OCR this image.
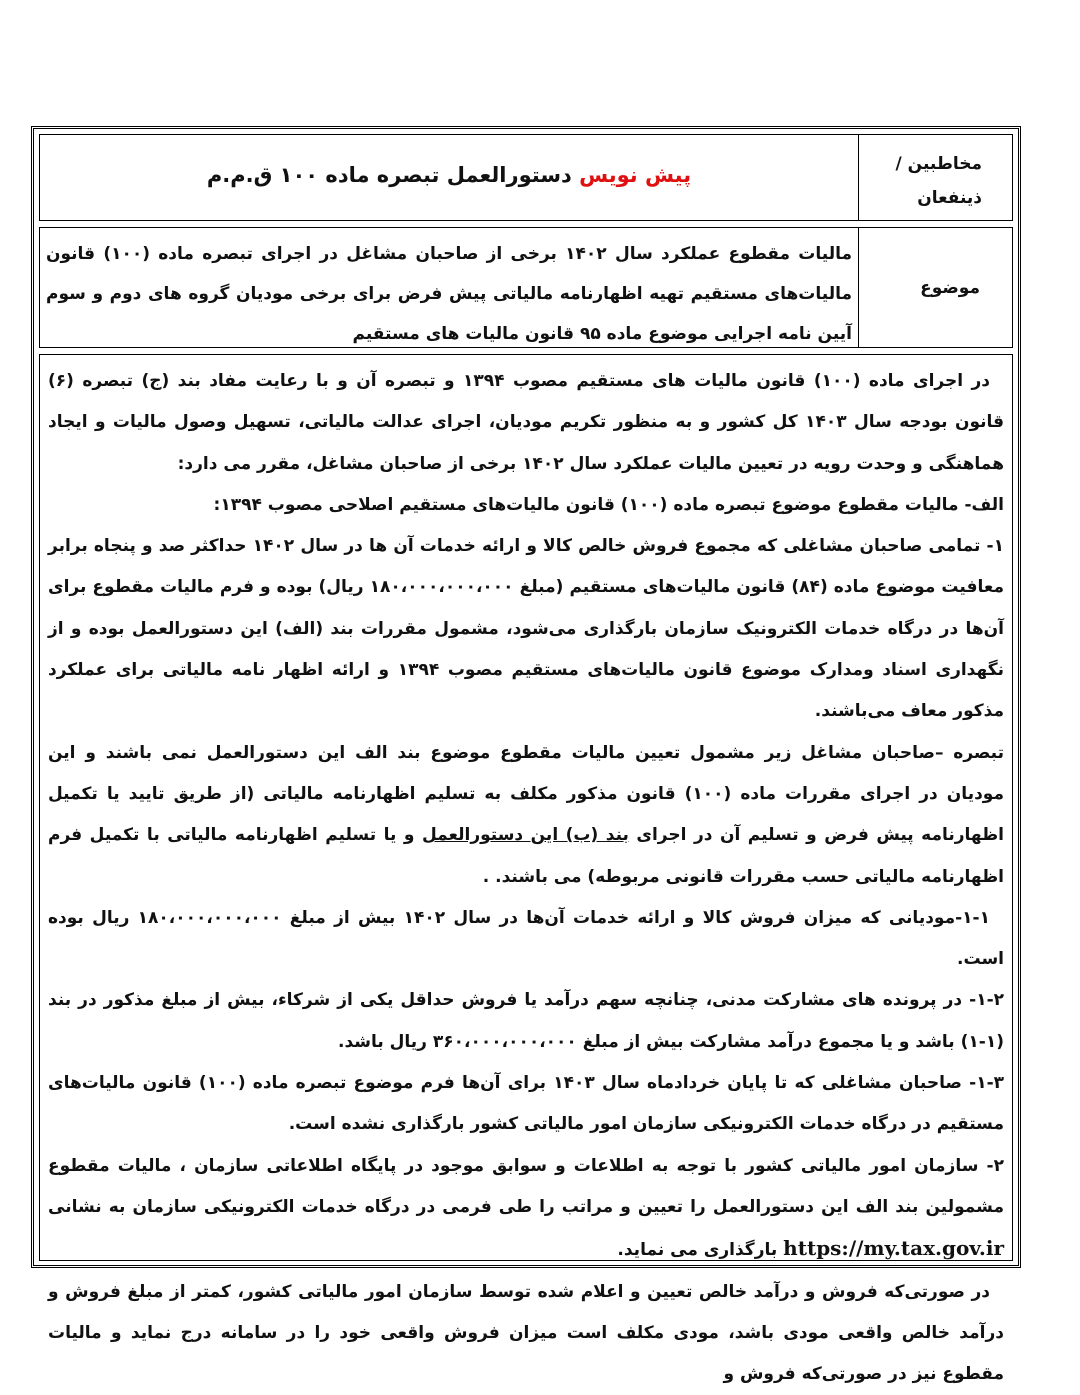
مخاطبین /
ذینفعان
پیش نویس دستورالعمل تبصره ماده ۱۰۰ ق.م.م
موضوع
مالیات مقطوع عملکرد سال ۱۴۰۲ برخی از صاحبان مشاغل در اجرای تبصره ماده (۱۰۰) قانون مالیات‌های مستقیم تهیه اظهارنامه مالیاتی پیش فرض برای برخی مودیان گروه های دوم و سوم آیین نامه اجرایی موضوع ماده ۹۵ قانون مالیات های مستقیم

در اجرای ماده (۱۰۰) قانون مالیات های مستقیم مصوب ۱۳۹۴ و تبصره آن و با رعایت مفاد بند (ج) تبصره (۶) قانون بودجه سال ۱۴۰۳ کل کشور و به منظور تکریم مودیان، اجرای عدالت مالیاتی، تسهیل وصول مالیات و ایجاد هماهنگی و وحدت رویه در تعیین مالیات عملکرد سال ۱۴۰۲ برخی از صاحبان مشاغل، مقرر می دارد:

الف- مالیات مقطوع موضوع تبصره ماده (۱۰۰) قانون مالیات‌های مستقیم اصلاحی مصوب ۱۳۹۴:

۱- تمامی صاحبان مشاغلی که مجموع فروش خالص کالا و ارائه خدمات آن ها در سال ۱۴۰۲ حداکثر صد و پنجاه برابر معافیت موضوع ماده (۸۴) قانون مالیات‌های مستقیم (مبلغ ۱۸۰،۰۰۰،۰۰۰،۰۰۰ ریال) بوده و فرم مالیات مقطوع برای آن‌ها در درگاه خدمات الکترونیک سازمان بارگذاری می‌شود، مشمول مقررات بند (الف) این دستورالعمل بوده و از نگهداری اسناد ومدارک موضوع قانون مالیات‌های مستقیم مصوب ۱۳۹۴ و ارائه اظهار نامه مالیاتی برای عملکرد مذکور معاف می‌باشند.

تبصره –صاحبان مشاغل زیر مشمول تعیین مالیات مقطوع موضوع بند الف این دستورالعمل نمی باشند و این مودیان در اجرای مقررات ماده (۱۰۰) قانون مذکور مکلف به تسلیم اظهارنامه مالیاتی (از طریق تایید یا تکمیل اظهارنامه پیش فرض و تسلیم آن در اجرای بند (ب) این دستورالعمل و یا تسلیم اظهارنامه مالیاتی با تکمیل فرم اظهارنامه مالیاتی حسب مقررات قانونی مربوطه) می باشند. .

۱-۱-مودیانی که میزان فروش کالا و ارائه خدمات آن‌ها در سال ۱۴۰۲ بیش از مبلغ ۱۸۰،۰۰۰،۰۰۰،۰۰۰ ریال بوده است.

۱-۲- در پرونده های مشارکت مدنی، چنانچه سهم درآمد یا فروش حداقل یکی از شرکاء، بیش از مبلغ مذکور در بند (۱-۱) باشد و یا مجموع درآمد مشارکت بیش از مبلغ ۳۶۰،۰۰۰،۰۰۰،۰۰۰ ریال باشد.

۱-۳- صاحبان مشاغلی که تا پایان خردادماه سال ۱۴۰۳ برای آن‌ها فرم موضوع تبصره ماده (۱۰۰) قانون مالیات‌های مستقیم در درگاه خدمات الکترونیکی سازمان امور مالیاتی کشور بارگذاری نشده است.

۲- سازمان امور مالیاتی کشور با توجه به اطلاعات و سوابق موجود در پایگاه اطلاعاتی سازمان ، مالیات مقطوع مشمولین بند الف این دستورالعمل را تعیین و مراتب را طی فرمی در درگاه خدمات الکترونیکی سازمان به نشانی https://my.tax.gov.ir بارگذاری می نماید.

در صورتی‌که فروش و درآمد خالص تعیین و اعلام شده توسط سازمان امور مالیاتی کشور، کمتر از مبلغ فروش و درآمد خالص واقعی مودی باشد، مودی مکلف است میزان فروش واقعی خود را در سامانه درج نماید و مالیات مقطوع نیز در صورتی‌که فروش و
